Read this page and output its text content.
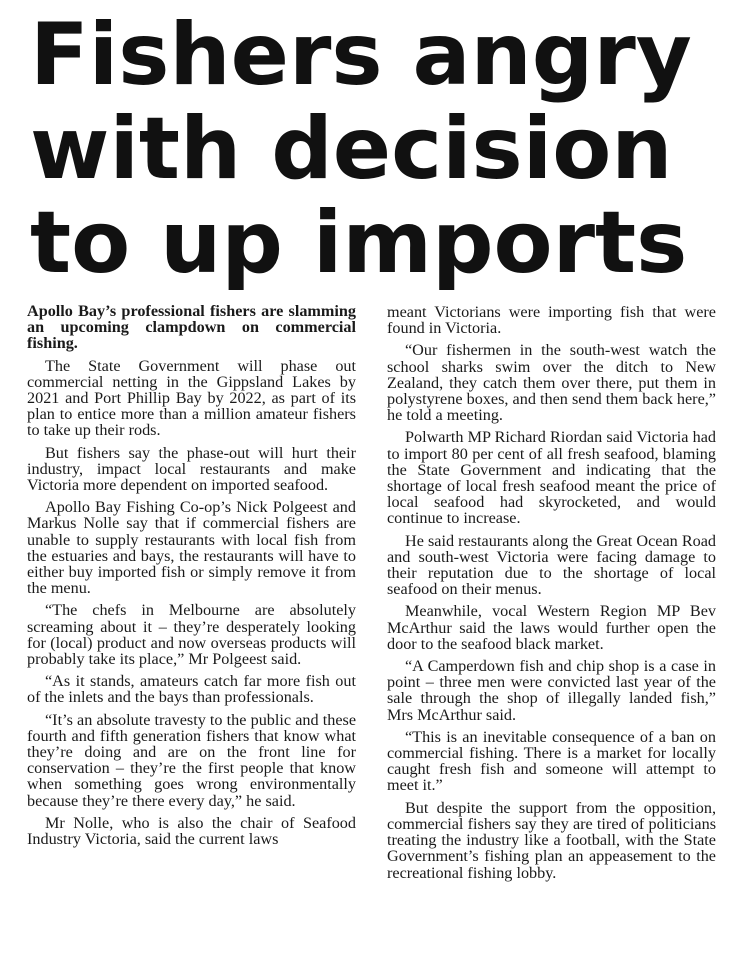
Fishers angry
with decision
to up imports

Apollo Bay’s professional fishers are slamming an upcoming clampdown on commercial fishing.

The State Government will phase out commercial netting in the Gippsland Lakes by 2021 and Port Phillip Bay by 2022, as part of its plan to entice more than a million amateur fishers to take up their rods.

But fishers say the phase-out will hurt their industry, impact local restaurants and make Victoria more dependent on imported seafood.

Apollo Bay Fishing Co-op’s Nick Polgeest and Markus Nolle say that if commercial fishers are unable to supply restaurants with local fish from the estuaries and bays, the restaurants will have to either buy imported fish or simply remove it from the menu.

“The chefs in Melbourne are absolutely screaming about it – they’re desperately looking for (local) product and now overseas products will probably take its place,” Mr Polgeest said.

“As it stands, amateurs catch far more fish out of the inlets and the bays than professionals.

“It’s an absolute travesty to the public and these fourth and fifth generation fishers that know what they’re doing and are on the front line for conservation – they’re the first people that know when something goes wrong environmentally because they’re there every day,” he said.

Mr Nolle, who is also the chair of Seafood Industry Victoria, said the current laws

meant Victorians were importing fish that were found in Victoria.

“Our fishermen in the south-west watch the school sharks swim over the ditch to New Zealand, they catch them over there, put them in polystyrene boxes, and then send them back here,” he told a meeting.

Polwarth MP Richard Riordan said Victoria had to import 80 per cent of all fresh seafood, blaming the State Government and indicating that the shortage of local fresh seafood meant the price of local seafood had skyrocketed, and would continue to increase.

He said restaurants along the Great Ocean Road and south-west Victoria were facing damage to their reputation due to the shortage of local seafood on their menus.

Meanwhile, vocal Western Region MP Bev McArthur said the laws would further open the door to the seafood black market.

“A Camperdown fish and chip shop is a case in point – three men were convicted last year of the sale through the shop of illegally landed fish,” Mrs McArthur said.

“This is an inevitable consequence of a ban on commercial fishing. There is a market for locally caught fresh fish and someone will attempt to meet it.”

But despite the support from the opposition, commercial fishers say they are tired of politicians treating the industry like a football, with the State Government’s fishing plan an appeasement to the recreational fishing lobby.
